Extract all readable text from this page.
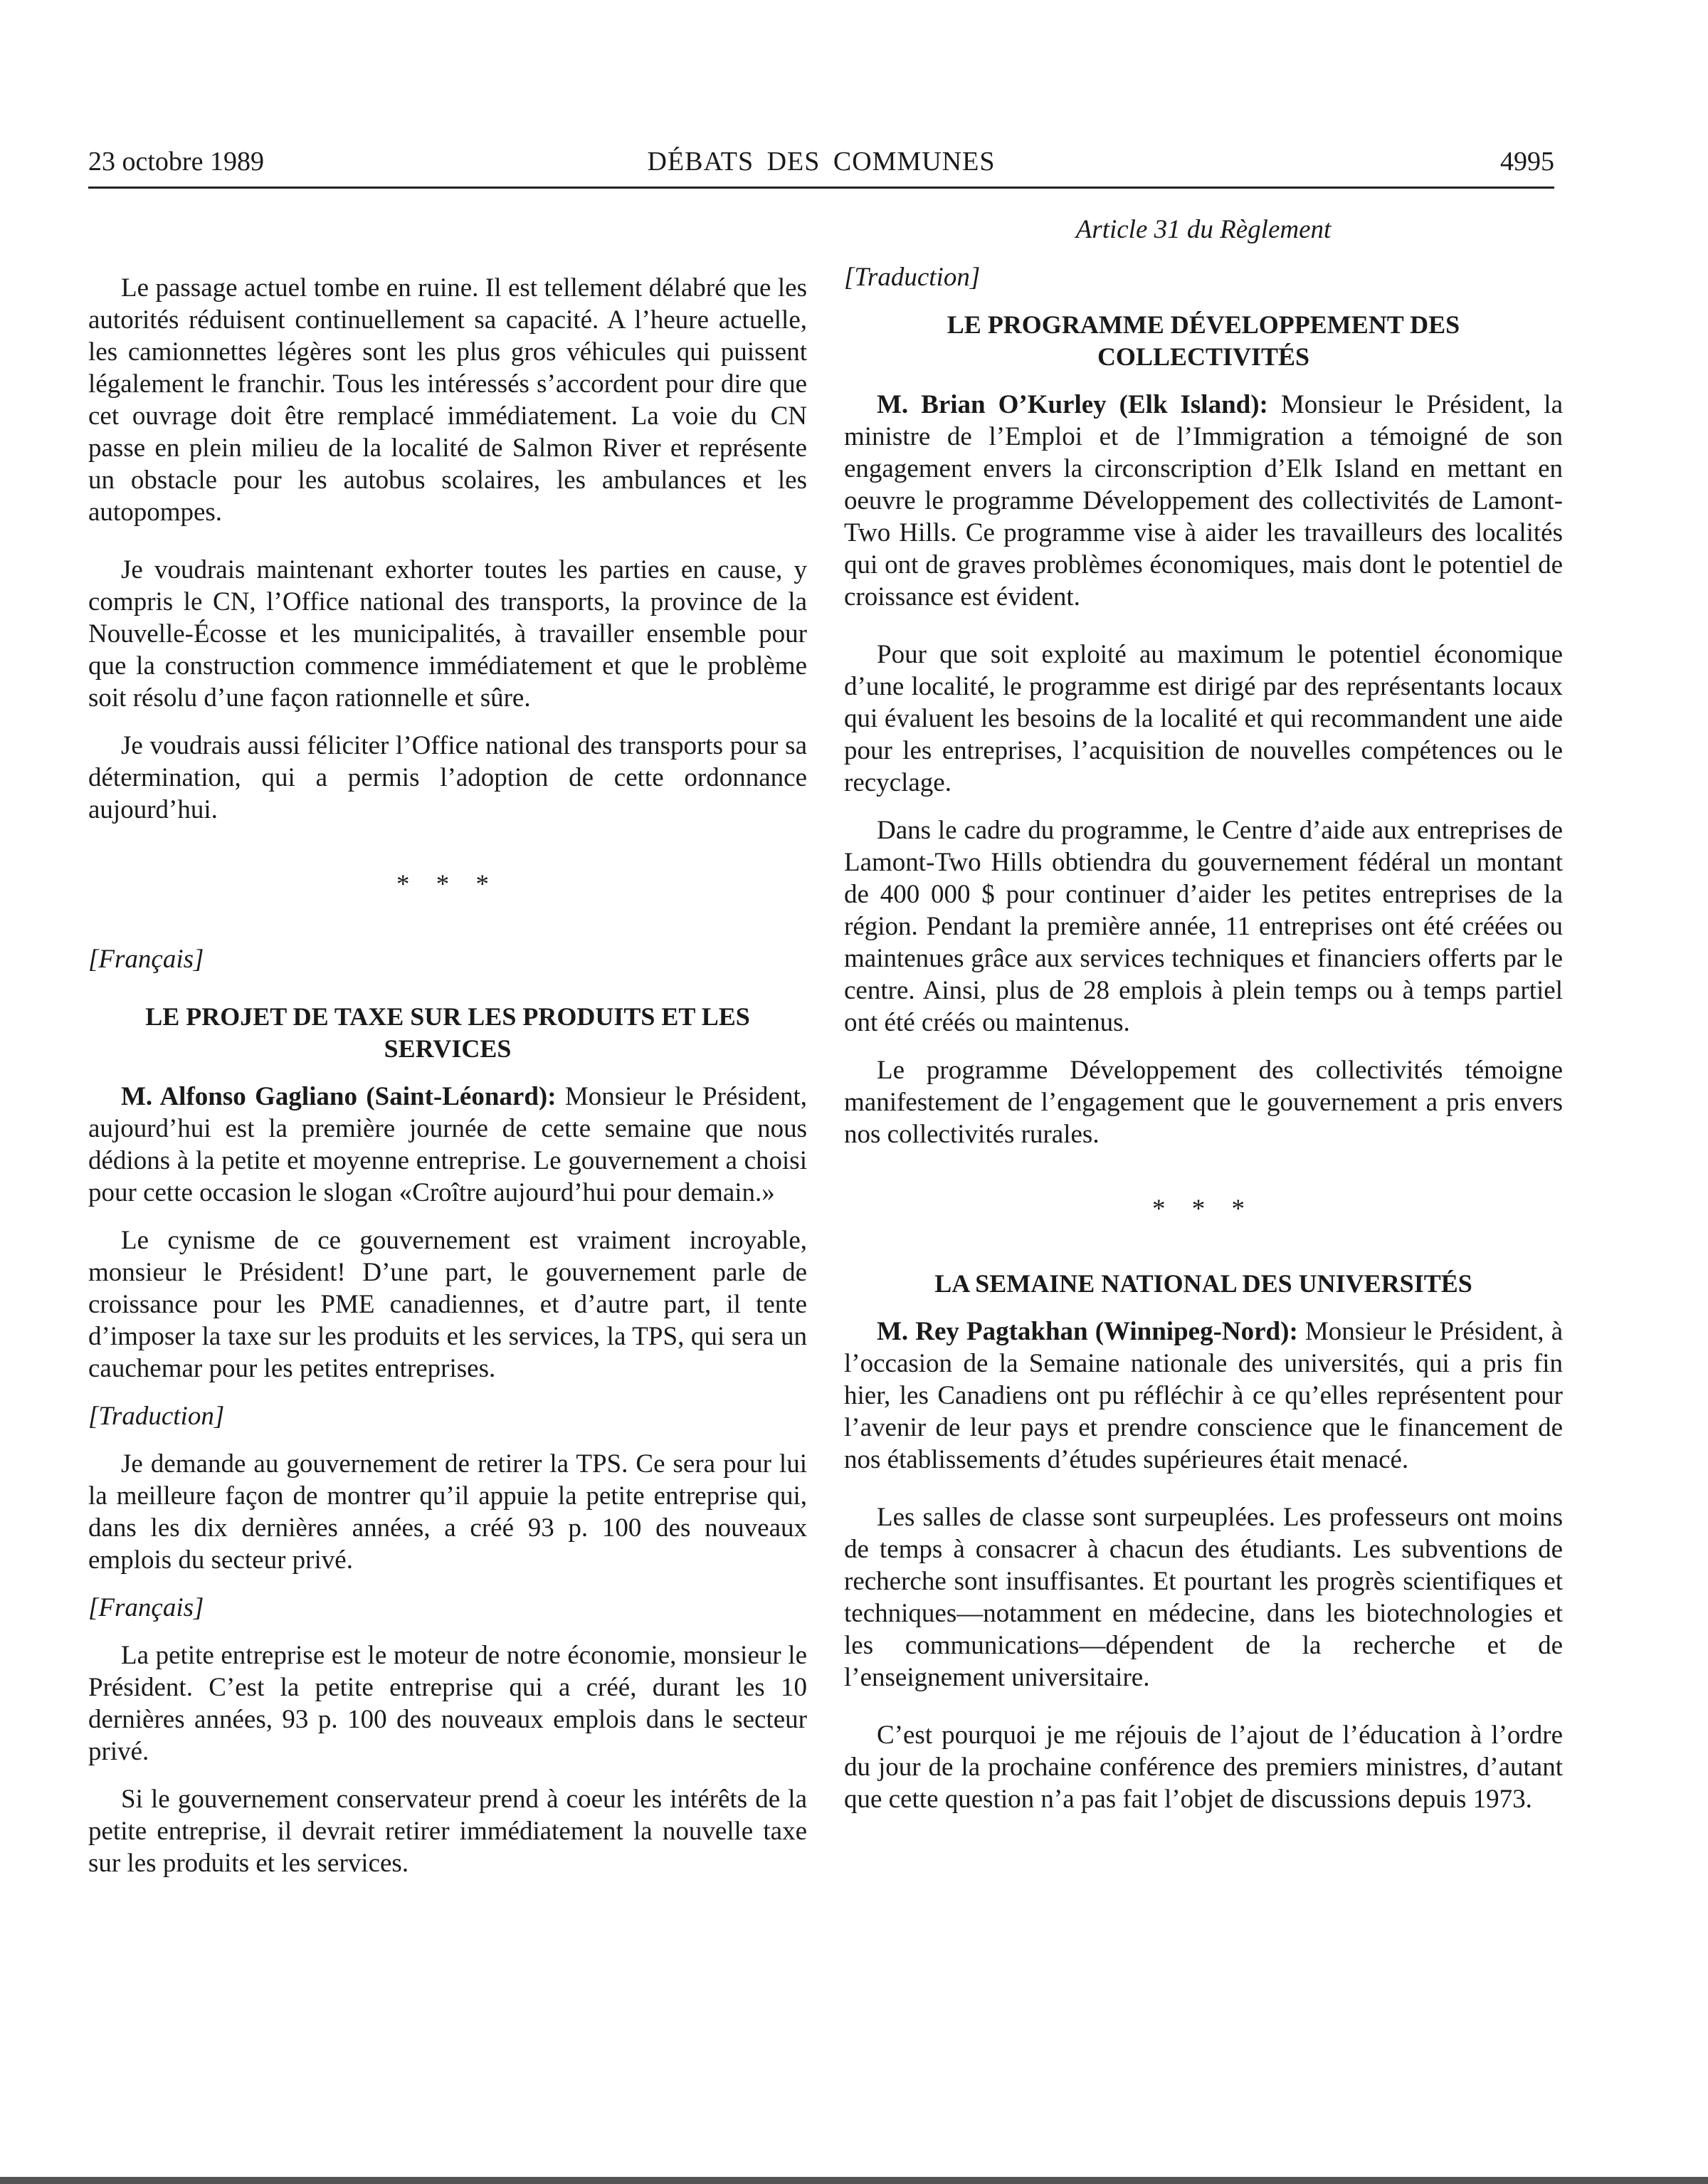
23 octobre 1989	DÉBATS DES COMMUNES	4995

Le passage actuel tombe en ruine. Il est tellement délabré que les autorités réduisent continuellement sa capacité. A l’heure actuelle, les camionnettes légères sont les plus gros véhicules qui puissent légalement le franchir. Tous les intéressés s’accordent pour dire que cet ouvrage doit être remplacé immédiatement. La voie du CN passe en plein milieu de la localité de Salmon River et représente un obstacle pour les autobus scolaires, les ambulances et les autopompes.

Je voudrais maintenant exhorter toutes les parties en cause, y compris le CN, l’Office national des transports, la province de la Nouvelle-Écosse et les municipalités, à travailler ensemble pour que la construction commence immédiatement et que le problème soit résolu d’une façon rationnelle et sûre.

Je voudrais aussi féliciter l’Office national des transports pour sa détermination, qui a permis l’adoption de cette ordonnance aujourd’hui.

* * *

[Français]

LE PROJET DE TAXE SUR LES PRODUITS ET LES SERVICES

M. Alfonso Gagliano (Saint-Léonard): Monsieur le Président, aujourd’hui est la première journée de cette semaine que nous dédions à la petite et moyenne entreprise. Le gouvernement a choisi pour cette occasion le slogan «Croître aujourd’hui pour demain.»

Le cynisme de ce gouvernement est vraiment incroyable, monsieur le Président! D’une part, le gouvernement parle de croissance pour les PME canadiennes, et d’autre part, il tente d’imposer la taxe sur les produits et les services, la TPS, qui sera un cauchemar pour les petites entreprises.

[Traduction]

Je demande au gouvernement de retirer la TPS. Ce sera pour lui la meilleure façon de montrer qu’il appuie la petite entreprise qui, dans les dix dernières années, a créé 93 p. 100 des nouveaux emplois du secteur privé.

[Français]

La petite entreprise est le moteur de notre économie, monsieur le Président. C’est la petite entreprise qui a créé, durant les 10 dernières années, 93 p. 100 des nouveaux emplois dans le secteur privé.

Si le gouvernement conservateur prend à coeur les intérêts de la petite entreprise, il devrait retirer immédiatement la nouvelle taxe sur les produits et les services.

Article 31 du Règlement

[Traduction]

LE PROGRAMME DÉVELOPPEMENT DES COLLECTIVITÉS

M. Brian O’Kurley (Elk Island): Monsieur le Président, la ministre de l’Emploi et de l’Immigration a témoigné de son engagement envers la circonscription d’Elk Island en mettant en oeuvre le programme Développement des collectivités de Lamont-Two Hills. Ce programme vise à aider les travailleurs des localités qui ont de graves problèmes économiques, mais dont le potentiel de croissance est évident.

Pour que soit exploité au maximum le potentiel économique d’une localité, le programme est dirigé par des représentants locaux qui évaluent les besoins de la localité et qui recommandent une aide pour les entreprises, l’acquisition de nouvelles compétences ou le recyclage.

Dans le cadre du programme, le Centre d’aide aux entreprises de Lamont-Two Hills obtiendra du gouvernement fédéral un montant de 400 000 $ pour continuer d’aider les petites entreprises de la région. Pendant la première année, 11 entreprises ont été créées ou maintenues grâce aux services techniques et financiers offerts par le centre. Ainsi, plus de 28 emplois à plein temps ou à temps partiel ont été créés ou maintenus.

Le programme Développement des collectivités témoigne manifestement de l’engagement que le gouvernement a pris envers nos collectivités rurales.

* * *

LA SEMAINE NATIONAL DES UNIVERSITÉS

M. Rey Pagtakhan (Winnipeg-Nord): Monsieur le Président, à l’occasion de la Semaine nationale des universités, qui a pris fin hier, les Canadiens ont pu réfléchir à ce qu’elles représentent pour l’avenir de leur pays et prendre conscience que le financement de nos établissements d’études supérieures était menacé.

Les salles de classe sont surpeuplées. Les professeurs ont moins de temps à consacrer à chacun des étudiants. Les subventions de recherche sont insuffisantes. Et pourtant les progrès scientifiques et techniques—notamment en médecine, dans les biotechnologies et les communications—dépendent de la recherche et de l’enseignement universitaire.

C’est pourquoi je me réjouis de l’ajout de l’éducation à l’ordre du jour de la prochaine conférence des premiers ministres, d’autant que cette question n’a pas fait l’objet de discussions depuis 1973.
